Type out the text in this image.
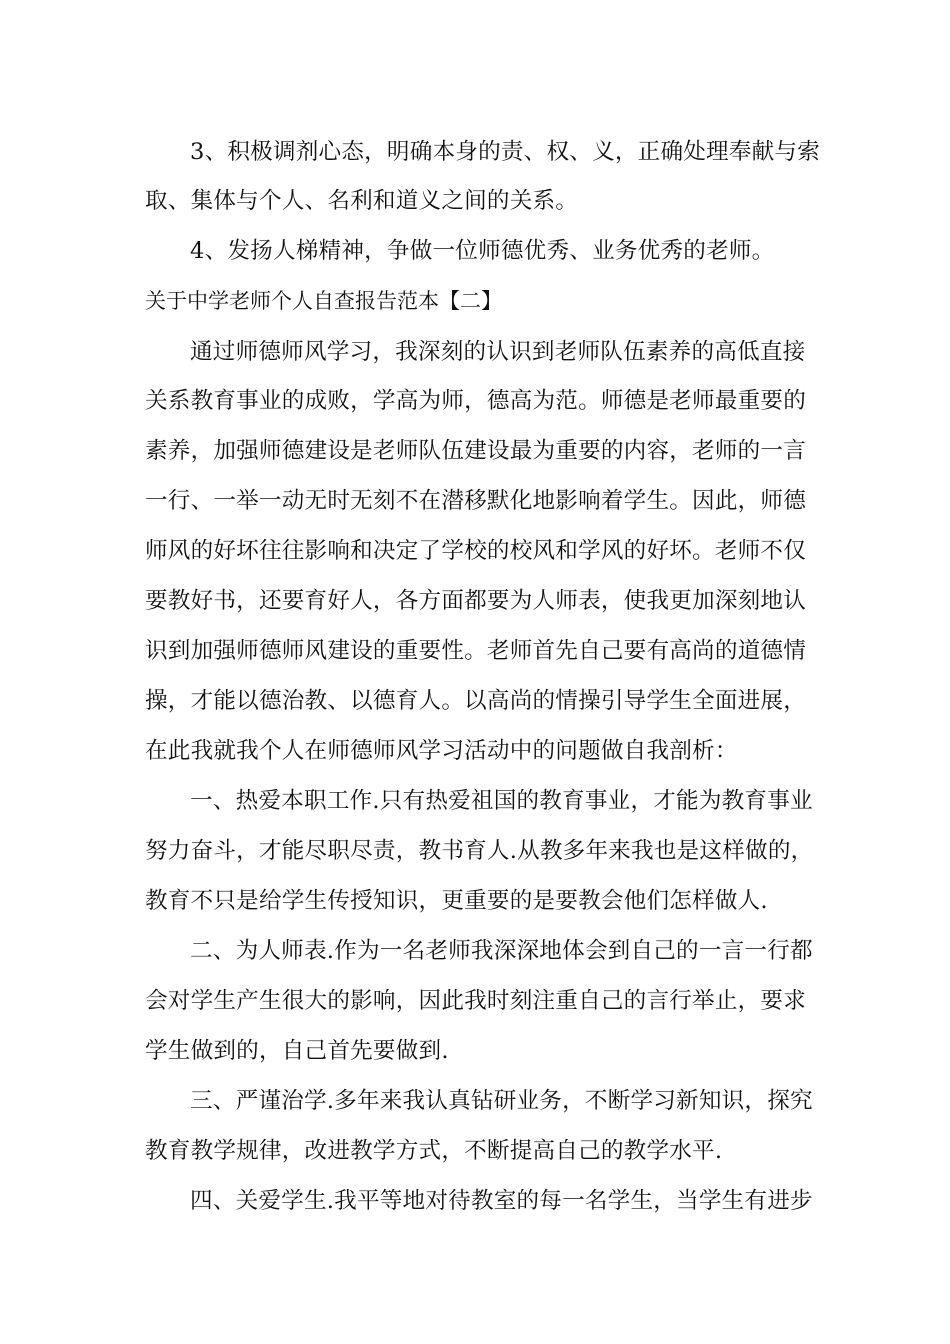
3、积极调剂心态，明确本身的责、权、义，正确处理奉献与索

取、集体与个人、名利和道义之间的关系。

4、发扬人梯精神，争做一位师德优秀、业务优秀的老师。

关于中学老师个人自查报告范本【二】

通过师德师风学习，我深刻的认识到老师队伍素养的高低直接

关系教育事业的成败，学高为师，德高为范。师德是老师最重要的

素养，加强师德建设是老师队伍建设最为重要的内容，老师的一言

一行、一举一动无时无刻不在潜移默化地影响着学生。因此，师德

师风的好坏往往影响和决定了学校的校风和学风的好坏。老师不仅

要教好书，还要育好人，各方面都要为人师表，使我更加深刻地认

识到加强师德师风建设的重要性。老师首先自己要有高尚的道德情

操，才能以德治教、以德育人。以高尚的情操引导学生全面进展，

在此我就我个人在师德师风学习活动中的问题做自我剖析：

一、热爱本职工作.只有热爱祖国的教育事业，才能为教育事业

努力奋斗，才能尽职尽责，教书育人.从教多年来我也是这样做的，

教育不只是给学生传授知识，更重要的是要教会他们怎样做人.

二、为人师表.作为一名老师我深深地体会到自己的一言一行都

会对学生产生很大的影响，因此我时刻注重自己的言行举止，要求

学生做到的，自己首先要做到.

三、严谨治学.多年来我认真钻研业务，不断学习新知识，探究

教育教学规律，改进教学方式，不断提高自己的教学水平.

四、关爱学生.我平等地对待教室的每一名学生，当学生有进步
